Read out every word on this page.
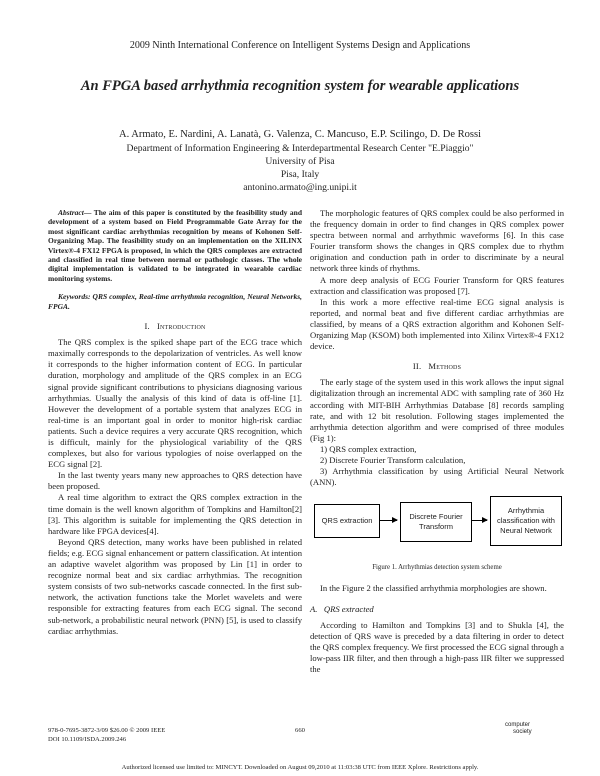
2009 Ninth International Conference on Intelligent Systems Design and Applications
An FPGA based arrhythmia recognition system for wearable applications
A. Armato, E. Nardini, A. Lanatà, G. Valenza, C. Mancuso, E.P. Scilingo, D. De Rossi
Department of Information Engineering & Interdepartmental Research Center "E.Piaggio"
University of Pisa
Pisa, Italy
antonino.armato@ing.unipi.it

Abstract— The aim of this paper is constituted by the feasibility study and development of a system based on Field Programmable Gate Array for the most significant cardiac arrhythmias recognition by means of Kohonen Self-Organizing Map. The feasibility study on an implementation on the XILINX Virtex®-4 FX12 FPGA is proposed, in which the QRS complexes are extracted and classified in real time between normal or pathologic classes. The whole digital implementation is validated to be integrated in wearable cardiac monitoring systems.

Keywords: QRS complex, Real-time arrhythmia recognition, Neural Networks, FPGA.

I. Introduction

The QRS complex is the spiked shape part of the ECG trace which maximally corresponds to the depolarization of ventricles. As well know it corresponds to the higher information content of ECG. In particular duration, morphology and amplitude of the QRS complex in an ECG signal provide significant contributions to physicians diagnosing various arrhythmias. Usually the analysis of this kind of data is off-line [1]. However the development of a portable system that analyzes ECG in real-time is an important goal in order to monitor high-risk cardiac patients. Such a device requires a very accurate QRS recognition, which is difficult, mainly for the physiological variability of the QRS complexes, but also for various typologies of noise overlapped on the ECG signal [2].

In the last twenty years many new approaches to QRS detection have been proposed.

A real time algorithm to extract the QRS complex extraction in the time domain is the well known algorithm of Tompkins and Hamilton[2][3]. This algorithm is suitable for implementing the QRS detection in hardware like FPGA devices[4].

Beyond QRS detection, many works have been published in related fields; e.g. ECG signal enhancement or pattern classification. At intention an adaptive wavelet algorithm was proposed by Lin [1] in order to recognize normal beat and six cardiac arrhythmias. The recognition system consists of two sub-networks cascade connected. In the first sub-network, the activation functions take the Morlet wavelets and were responsible for extracting features from each ECG signal. The second sub-network, a probabilistic neural network (PNN) [5], is used to classify cardiac arrhythmias.

The morphologic features of QRS complex could be also performed in the frequency domain in order to find changes in QRS complex power spectra between normal and arrhythmic waveforms [6]. In this case Fourier transform shows the changes in QRS complex due to rhythm origination and conduction path in order to discriminate by a neural network three kinds of rhythms.

A more deep analysis of ECG Fourier Transform for QRS features extraction and classification was proposed [7].

In this work a more effective real-time ECG signal analysis is reported, and normal beat and five different cardiac arrhythmias are classified, by means of a QRS extraction algorithm and Kohonen Self-Organizing Map (KSOM) both implemented into Xilinx Virtex®-4 FX12 device.

II. Methods

The early stage of the system used in this work allows the input signal digitalization through an incremental ADC with sampling rate of 360 Hz according with MIT-BIH Arrhythmias Database [8] records sampling rate, and with 12 bit resolution. Following stages implemented the arrhythmia detection algorithm and were comprised of three modules (Fig 1):

1) QRS complex extraction,

2) Discrete Fourier Transform calculation,

3) Arrhythmia classification by using Artificial Neural Network (ANN).

QRS extraction	Discrete Fourier Transform
Arrhythmia classification with Neural Network
Figure 1. Arrhythmias detection system scheme

In the Figure 2 the classified arrhythmia morphologies are shown.

A. QRS extracted

According to Hamilton and Tompkins [3] and to Shukla [4], the detection of QRS wave is preceded by a data filtering in order to detect the QRS complex frequency. We first processed the ECG signal through a low-pass IIR filter, and then through a high-pass IIR filter we suppressed the

978-0-7695-3872-3/09 $26.00 © 2009 IEEE
DOI 10.1109/ISDA.2009.246
660
computer
society
Authorized licensed use limited to: MINCYT. Downloaded on August 09,2010 at 11:03:38 UTC from IEEE Xplore. Restrictions apply.
